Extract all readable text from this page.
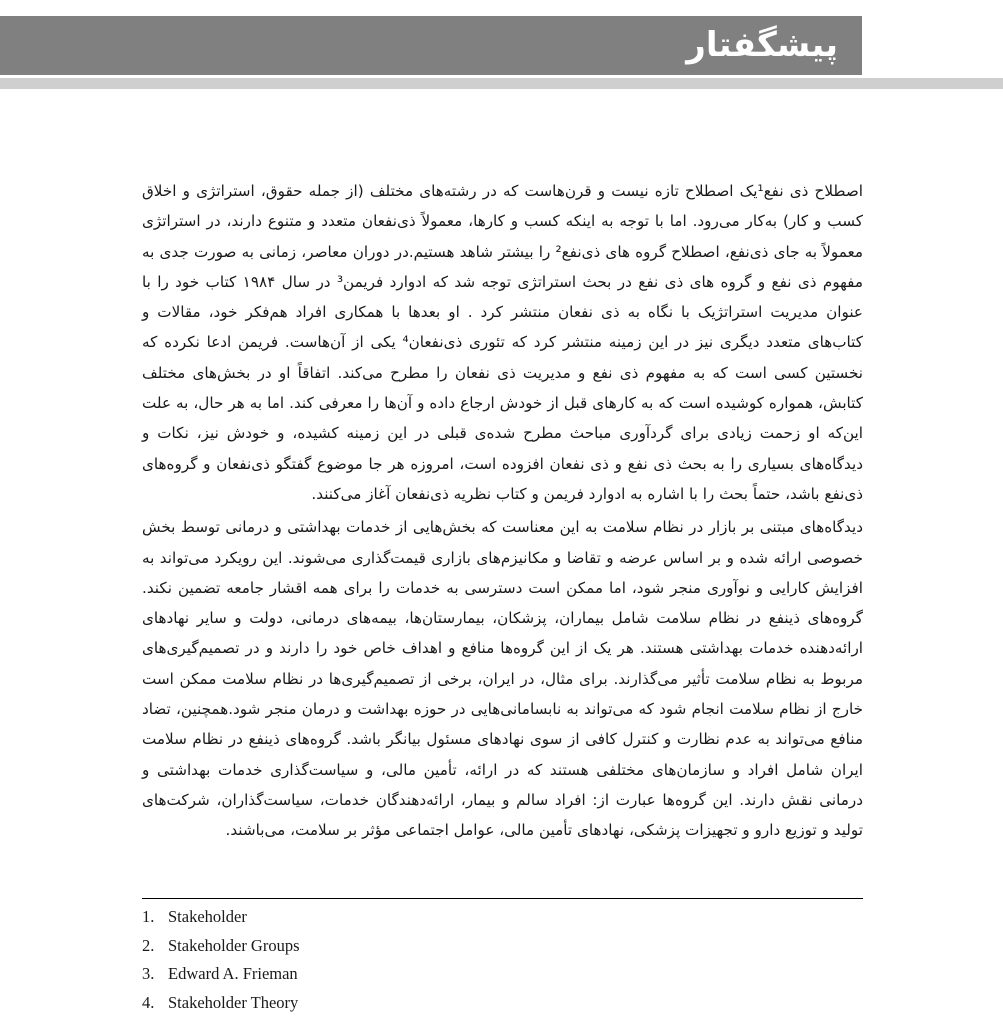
پیشگفتار

اصطلاح ذی نفع¹یک اصطلاح تازه نیست و قرن‌هاست که در رشته‌های مختلف (از جمله حقوق، استراتژی و اخلاق کسب و کار) به‌کار می‌رود. اما با توجه به اینکه کسب و کارها، معمولاً ذی‌نفعان متعدد و متنوع دارند، در استراتژی معمولاً به جای ذی‌نفع، اصطلاح گروه های ذی‌نفع² را بیشتر شاهد هستیم.در دوران معاصر، زمانی به صورت جدی به مفهوم ذی نفع و گروه های ذی نفع در بحث استراتژی توجه شد که ادوارد فریمن³ در سال ۱۹۸۴ کتاب خود را با عنوان مدیریت استراتژیک با نگاه به ذی نفعان منتشر کرد . او بعدها با همکاری افراد هم‌فکر خود، مقالات و کتاب‌های متعدد دیگری نیز در این زمینه منتشر کرد که تئوری ذی‌نفعان⁴ یکی از آن‌هاست. فریمن ادعا نکرده که نخستین کسی است که به مفهوم ذی نفع و مدیریت ذی نفعان را مطرح می‌کند. اتفاقاً او در بخش‌های مختلف کتابش، همواره کوشیده است که به کارهای قبل از خودش ارجاع داده و آن‌ها را معرفی کند. اما به هر حال، به علت این‌که او زحمت زیادی برای گردآوری مباحث مطرح شده‌ی قبلی در این زمینه کشیده، و خودش نیز، نکات و دیدگاه‌های بسیاری را به بحث ذی نفع و ذی نفعان افزوده است، امروزه هر جا موضوع گفتگو ذی‌نفعان و گروه‌های ذی‌نفع باشد، حتماً بحث را با اشاره به ادوارد فریمن و کتاب نظریه ذی‌نفعان آغاز می‌کنند.

دیدگاه‌های مبتنی بر بازار در نظام سلامت به این معناست که بخش‌هایی از خدمات بهداشتی و درمانی توسط بخش خصوصی ارائه شده و بر اساس عرضه و تقاضا و مکانیزم‌های بازاری قیمت‌گذاری می‌شوند. این رویکرد می‌تواند به افزایش کارایی و نوآوری منجر شود، اما ممکن است دسترسی به خدمات را برای همه اقشار جامعه تضمین نکند. گروه‌های ذینفع در نظام سلامت شامل بیماران، پزشکان، بیمارستان‌ها، بیمه‌های درمانی، دولت و سایر نهادهای ارائه‌دهنده خدمات بهداشتی هستند. هر یک از این گروه‌ها منافع و اهداف خاص خود را دارند و در تصمیم‌گیری‌های مربوط به نظام سلامت تأثیر می‌گذارند. برای مثال، در ایران، برخی از تصمیم‌گیری‌ها در نظام سلامت ممکن است خارج از نظام سلامت انجام شود که می‌تواند به نابسامانی‌هایی در حوزه بهداشت و درمان منجر شود.همچنین، تضاد منافع می‌تواند به عدم نظارت و کنترل کافی از سوی نهادهای مسئول بیانگر باشد. گروه‌های ذینفع در نظام سلامت ایران شامل افراد و سازمان‌های مختلفی هستند که در ارائه، تأمین مالی، و سیاست‌گذاری خدمات بهداشتی و درمانی نقش دارند. این گروه‌ها عبارت از: افراد سالم و بیمار، ارائه‌دهندگان خدمات، سیاست‌گذاران، شرکت‌های تولید و توزیع دارو و تجهیزات پزشکی، نهادهای تأمین مالی، عوامل اجتماعی مؤثر بر سلامت، می‌باشند.

1. Stakeholder
2. Stakeholder Groups
3. Edward A. Frieman
4. Stakeholder Theory
